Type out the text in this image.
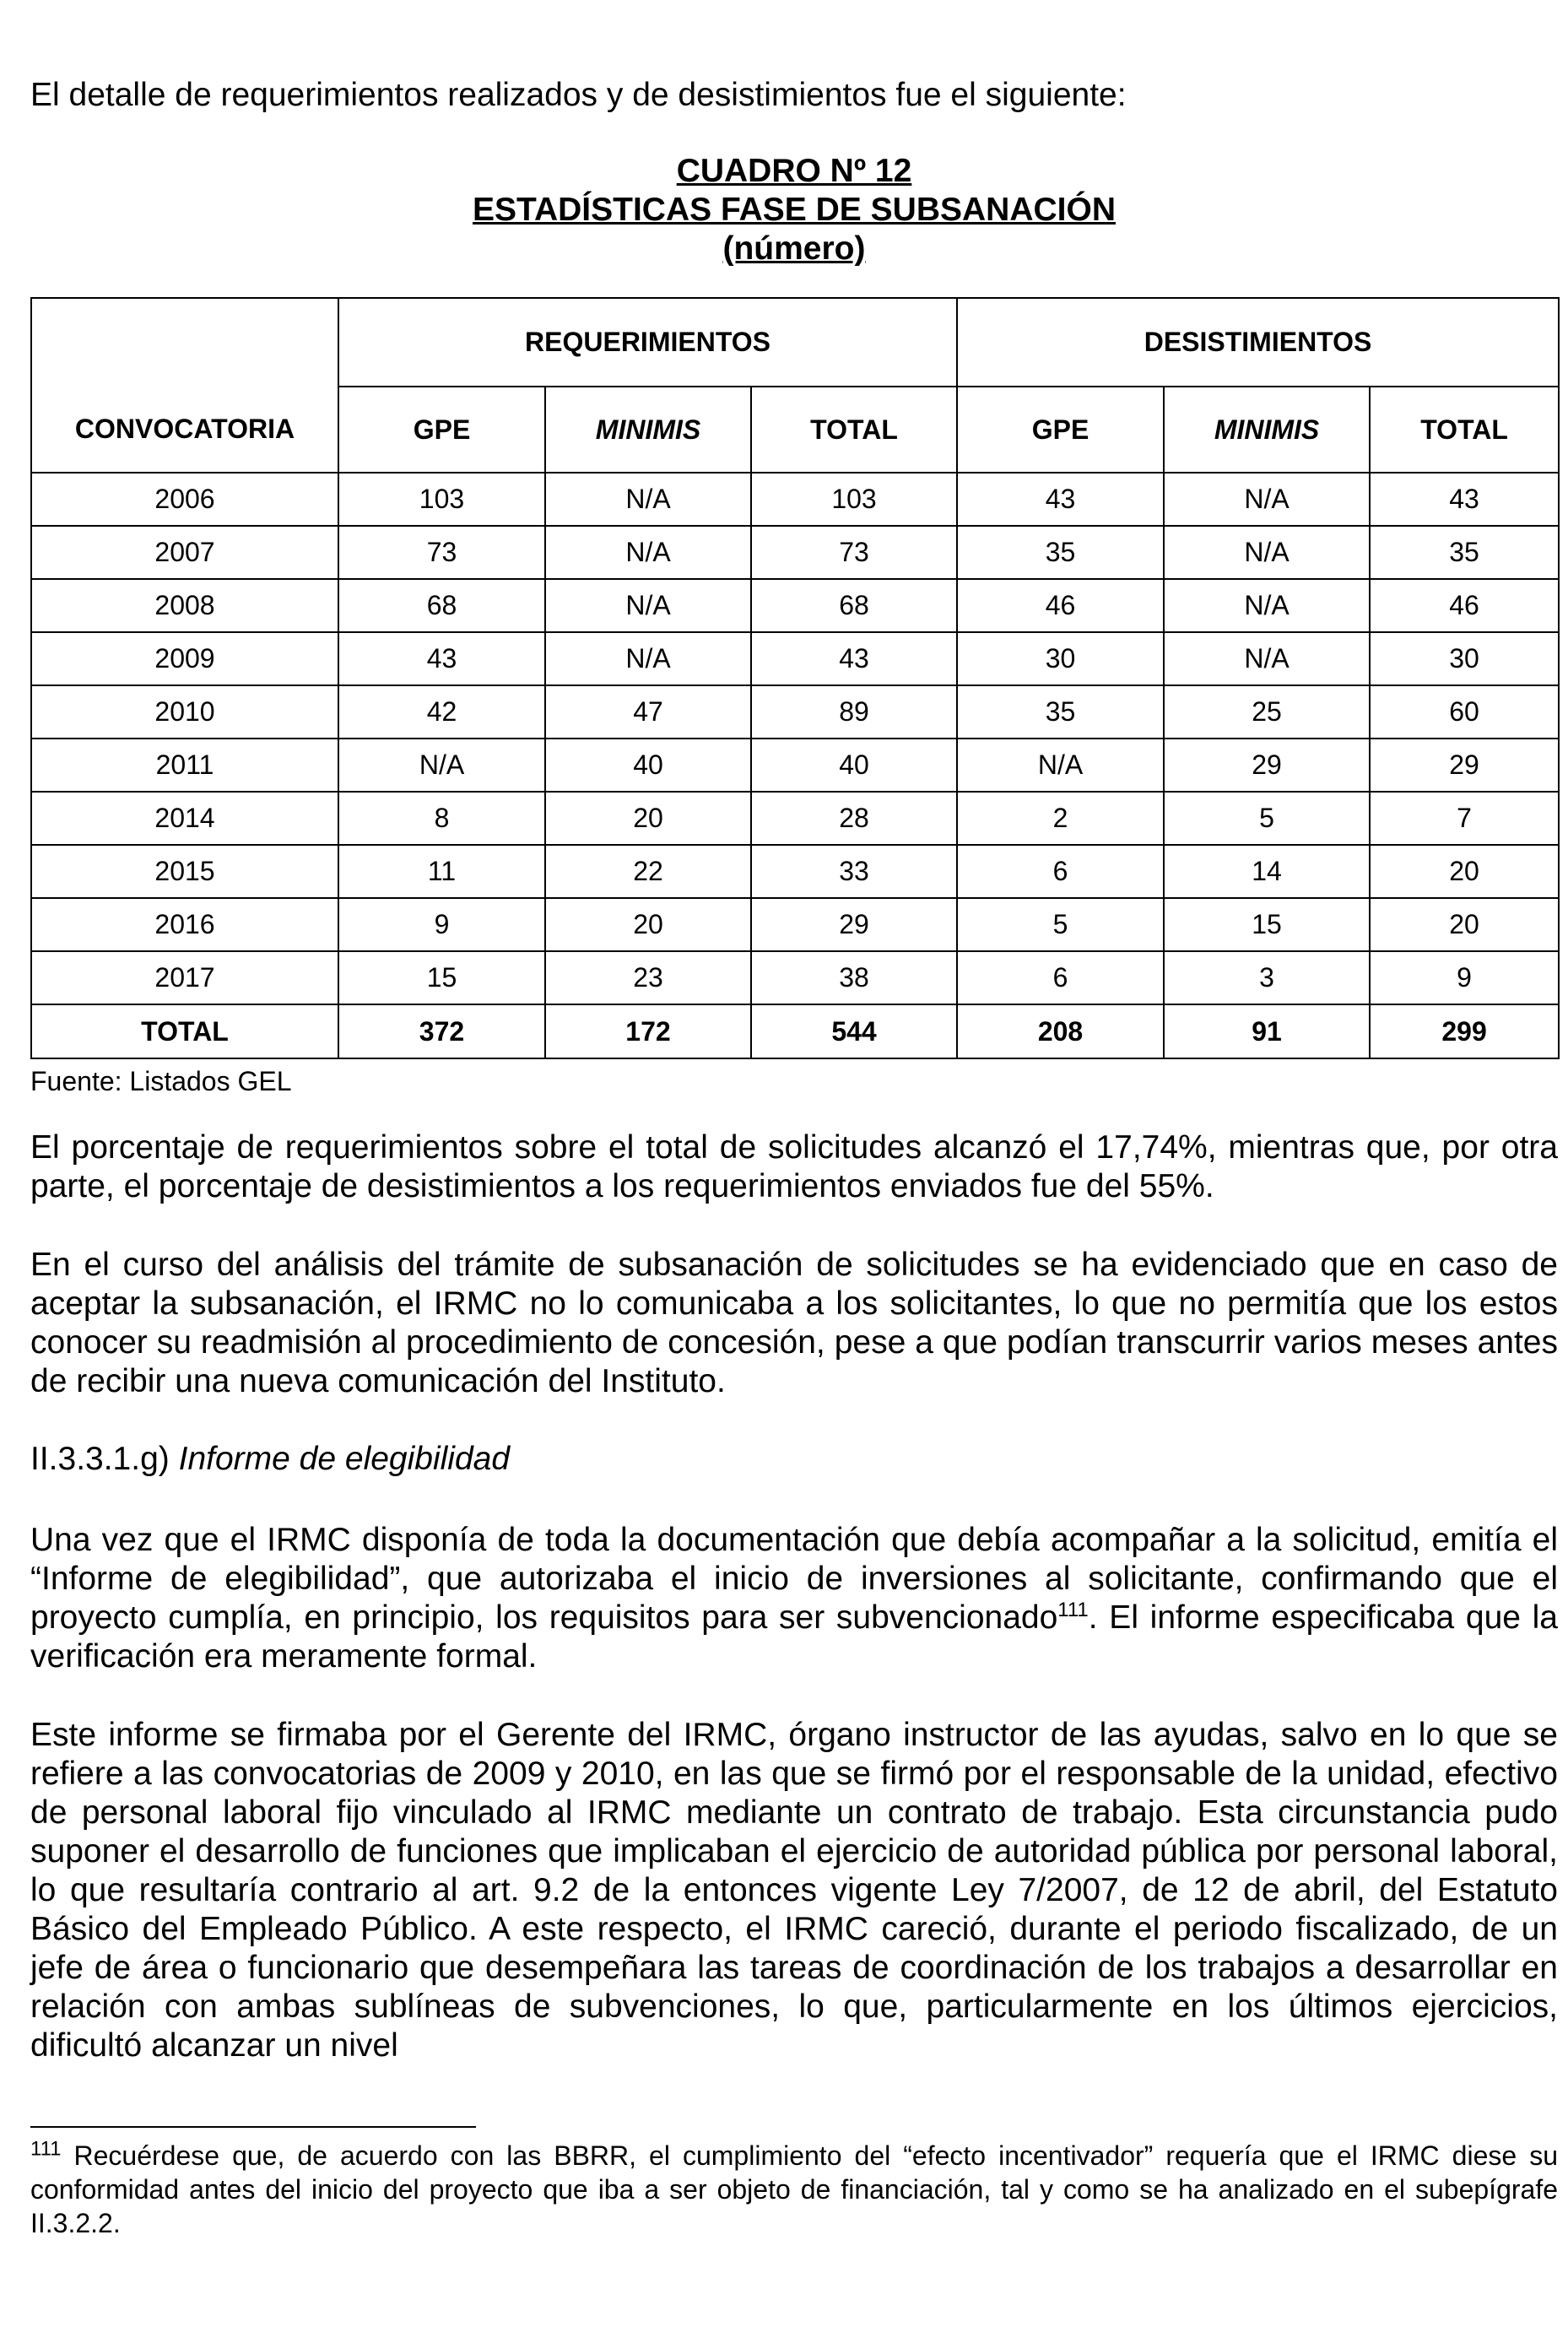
El detalle de requerimientos realizados y de desistimientos fue el siguiente:

CUADRO Nº 12
ESTADÍSTICAS FASE DE SUBSANACIÓN
(número)
	REQUERIMIENTOS			DESISTIMIENTOS		
CONVOCATORIA	GPE	MINIMIS	TOTAL	GPE	MINIMIS	TOTAL
2006	103	N/A	103	43	N/A	43
2007	73	N/A	73	35	N/A	35
2008	68	N/A	68	46	N/A	46
2009	43	N/A	43	30	N/A	30
2010	42	47	89	35	25	60
2011	N/A	40	40	N/A	29	29
2014	8	20	28	2	5	7
2015	11	22	33	6	14	20
2016	9	20	29	5	15	20
2017	15	23	38	6	3	9
TOTAL	372	172	544	208	91	299

Fuente: Listados GEL

El porcentaje de requerimientos sobre el total de solicitudes alcanzó el 17,74%, mientras que, por otra parte, el porcentaje de desistimientos a los requerimientos enviados fue del 55%.

En el curso del análisis del trámite de subsanación de solicitudes se ha evidenciado que en caso de aceptar la subsanación, el IRMC no lo comunicaba a los solicitantes, lo que no permitía que los estos conocer su readmisión al procedimiento de concesión, pese a que podían transcurrir varios meses antes de recibir una nueva comunicación del Instituto.

II.3.3.1.g) Informe de elegibilidad

Una vez que el IRMC disponía de toda la documentación que debía acompañar a la solicitud, emitía el “Informe de elegibilidad”, que autorizaba el inicio de inversiones al solicitante, confirmando que el proyecto cumplía, en principio, los requisitos para ser subvencionado$^{111}$. El informe especificaba que la verificación era meramente formal.

Este informe se firmaba por el Gerente del IRMC, órgano instructor de las ayudas, salvo en lo que se refiere a las convocatorias de 2009 y 2010, en las que se firmó por el responsable de la unidad, efectivo de personal laboral fijo vinculado al IRMC mediante un contrato de trabajo. Esta circunstancia pudo suponer el desarrollo de funciones que implicaban el ejercicio de autoridad pública por personal laboral, lo que resultaría contrario al art. 9.2 de la entonces vigente Ley 7/2007, de 12 de abril, del Estatuto Básico del Empleado Público. A este respecto, el IRMC careció, durante el periodo fiscalizado, de un jefe de área o funcionario que desempeñara las tareas de coordinación de los trabajos a desarrollar en relación con ambas sublíneas de subvenciones, lo que, particularmente en los últimos ejercicios, dificultó alcanzar un nivel

$^{111}$ Recuérdese que, de acuerdo con las BBRR, el cumplimiento del “efecto incentivador” requería que el IRMC diese su conformidad antes del inicio del proyecto que iba a ser objeto de financiación, tal y como se ha analizado en el subepígrafe II.3.2.2.
